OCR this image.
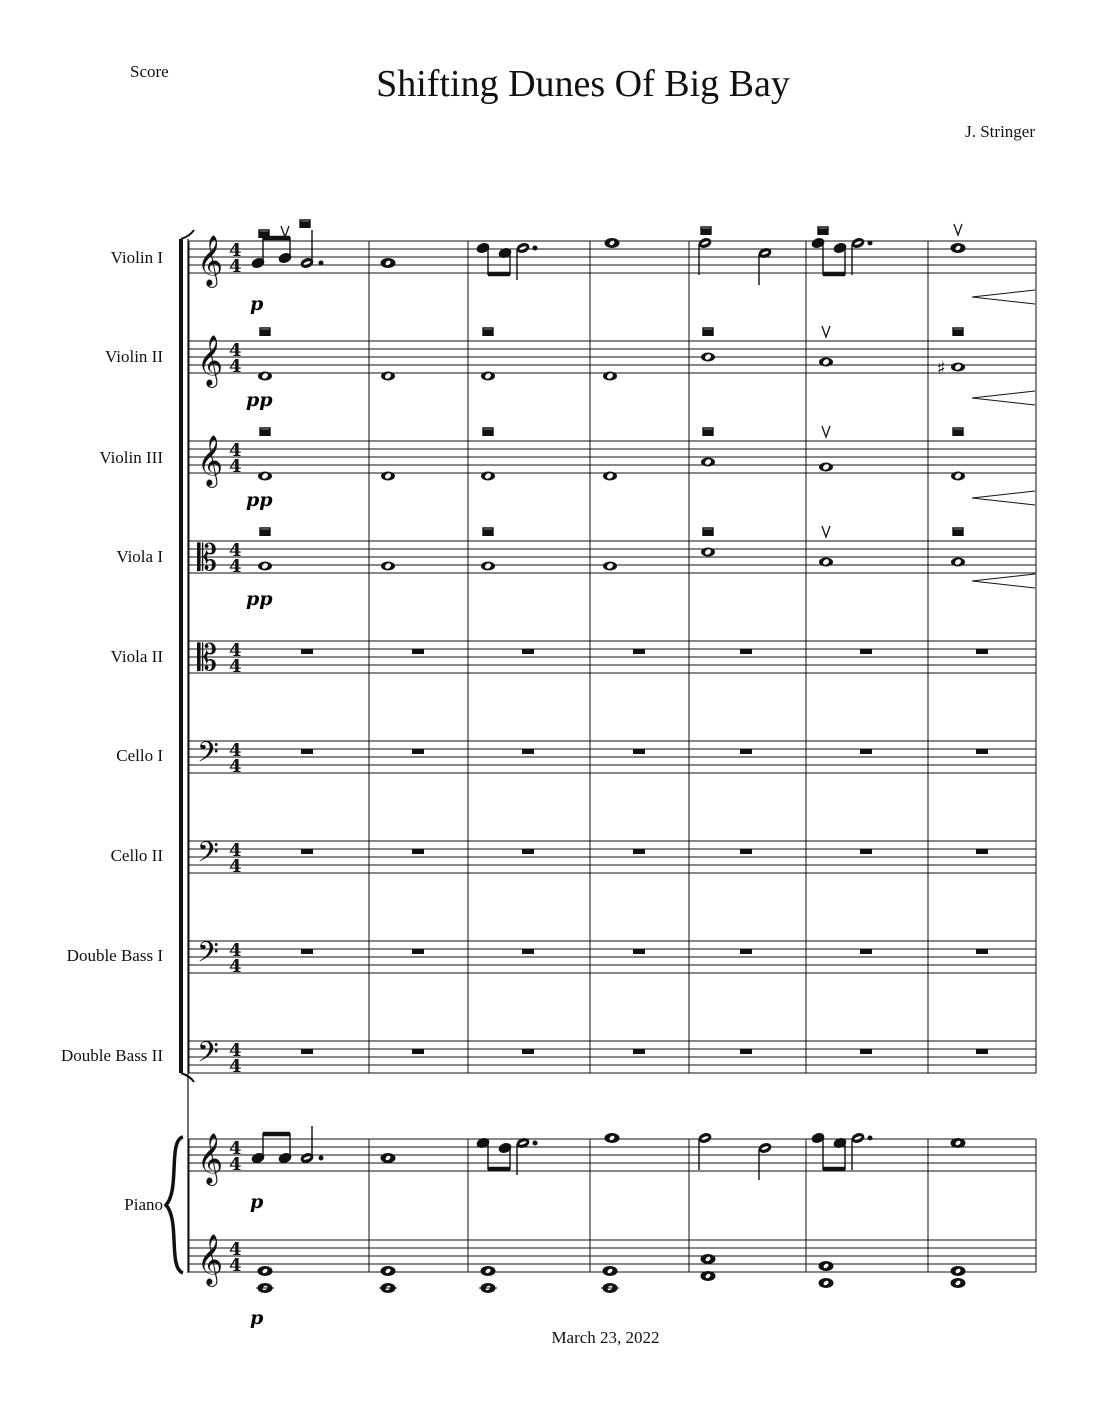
Score	Shifting Dunes Of Big Bay
J. Stringer
Violin I
Violin II
Violin III
Viola I
Viola II
Cello I
Cello II
Double Bass I
Double Bass II
Piano
March 23, 2022
𝄞 4
4
𝄞 4
4
𝄞 4
4
𝄡 4
4
𝄡 4
4
𝄢 4
4
𝄢 4
4
𝄢 4
4
𝄢 4
4
𝄞 4
4
𝄞 4
4
p
pp
pp
pp
p
p
♯
